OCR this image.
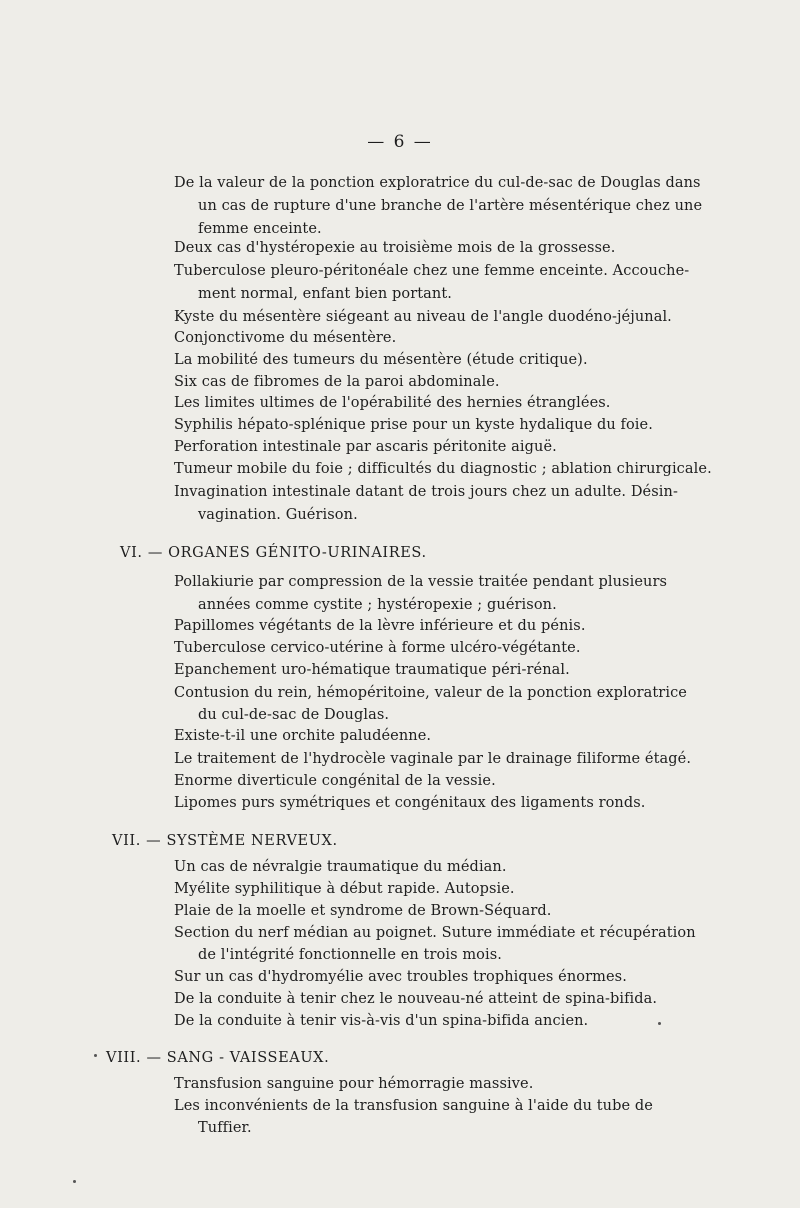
— 6 —
De la valeur de la ponction exploratrice du cul-de-sac de Douglas dans
un cas de rupture d'une branche de l'artère mésentérique chez une
femme enceinte.
Deux cas d'hystéropexie au troisième mois de la grossesse.
Tuberculose pleuro-péritonéale chez une femme enceinte. Accouche-
ment normal, enfant bien portant.
Kyste du mésentère siégeant au niveau de l'angle duodéno-jéjunal.
Conjonctivome du mésentère.
La mobilité des tumeurs du mésentère (étude critique).
Six cas de fibromes de la paroi abdominale.
Les limites ultimes de l'opérabilité des hernies étranglées.
Syphilis hépato-splénique prise pour un kyste hydalique du foie.
Perforation intestinale par ascaris péritonite aiguë.
Tumeur mobile du foie ; difficultés du diagnostic ; ablation chirurgicale.
Invagination intestinale datant de trois jours chez un adulte. Désin-
vagination. Guérison.
VI. — ORGANES GÉNITO-URINAIRES.
Pollakiurie par compression de la vessie traitée pendant plusieurs
années comme cystite ; hystéropexie ; guérison.
Papillomes végétants de la lèvre inférieure et du pénis.
Tuberculose cervico-utérine à forme ulcéro-végétante.
Epanchement uro-hématique traumatique péri-rénal.
Contusion du rein, hémopéritoine, valeur de la ponction exploratrice
du cul-de-sac de Douglas.
Existe-t-il une orchite paludéenne.
Le traitement de l'hydrocèle vaginale par le drainage filiforme étagé.
Enorme diverticule congénital de la vessie.
Lipomes purs symétriques et congénitaux des ligaments ronds.
VII. — SYSTÈME NERVEUX.
Un cas de névralgie traumatique du médian.
Myélite syphilitique à début rapide. Autopsie.
Plaie de la moelle et syndrome de Brown-Séquard.
Section du nerf médian au poignet. Suture immédiate et récupération
de l'intégrité fonctionnelle en trois mois.
Sur un cas d'hydromyélie avec troubles trophiques énormes.
De la conduite à tenir chez le nouveau-né atteint de spina-bifida.
De la conduite à tenir vis-à-vis d'un spina-bifida ancien.
VIII. — SANG - VAISSEAUX.
Transfusion sanguine pour hémorragie massive.
Les inconvénients de la transfusion sanguine à l'aide du tube de
Tuffier.
